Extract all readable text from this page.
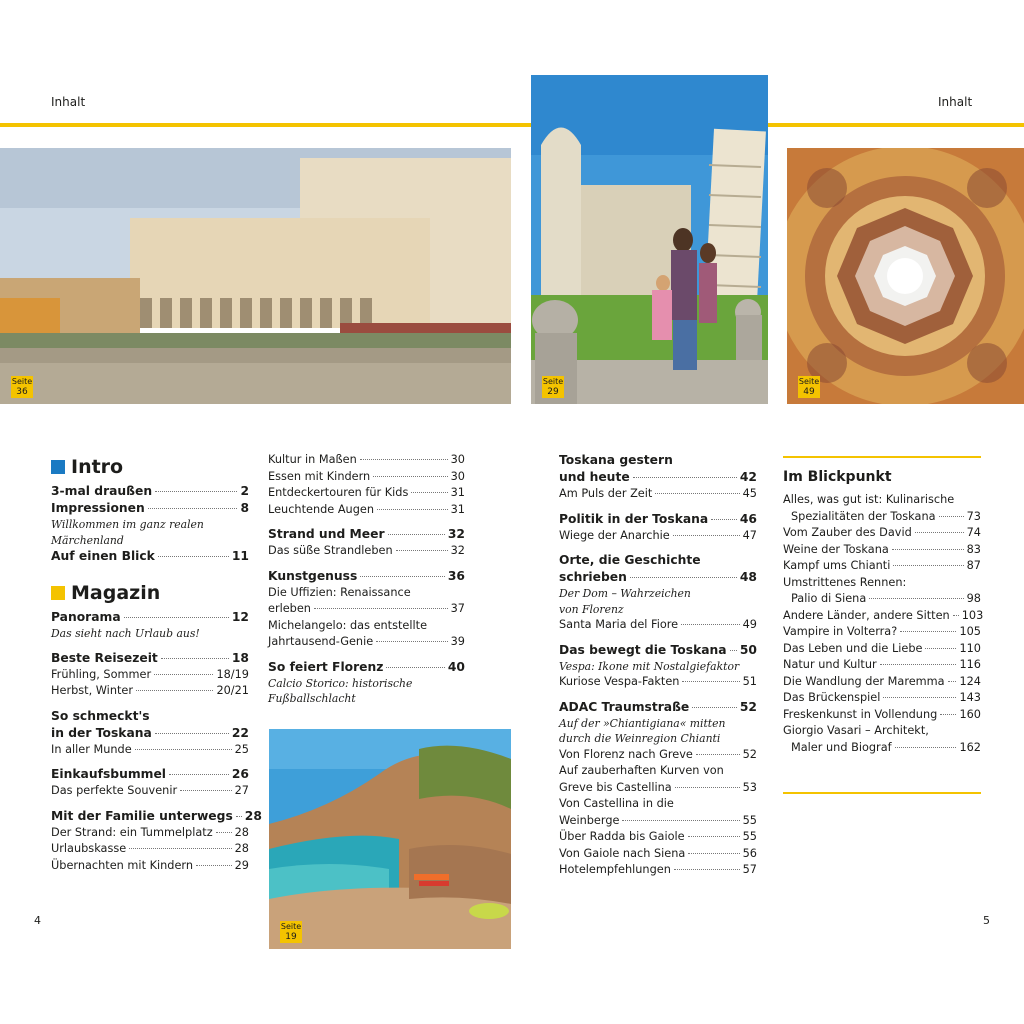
Inhalt	Inhalt
Seite
36
Seite
29
Seite
49
Seite
19
Intro
3-mal draußen	2
Impressionen	8
Willkommen im ganz realen
Märchenland
Auf einen Blick	11
Magazin
Panorama	12
Das sieht nach Urlaub aus!
Beste Reisezeit	18
Frühling, Sommer	18/19
Herbst, Winter	20/21
So schmeckt's
in der Toskana	22
In aller Munde	25
Einkaufsbummel	26
Das perfekte Souvenir	27
Mit der Familie unterwegs 28
Der Strand: ein Tummelplatz 28
Urlaubskasse	28
Übernachten mit Kindern	29
Kultur in Maßen	30
Essen mit Kindern	30
Entdeckertouren für Kids	31
Leuchtende Augen	31
Strand und Meer	32
Das süße Strandleben	32
Kunstgenuss	36
Die Uffizien: Renaissance
erleben	37
Michelangelo: das entstellte
Jahrtausend-Genie	39
So feiert Florenz	40
Calcio Storico: historische
Fußballschlacht
Toskana gestern
und heute	42
Am Puls der Zeit	45
Politik in der Toskana	46
Wiege der Anarchie	47
Orte, die Geschichte
schrieben	48
Der Dom – Wahrzeichen
von Florenz
Santa Maria del Fiore	49
Das bewegt die Toskana 50
Vespa: Ikone mit Nostalgiefaktor
Kuriose Vespa-Fakten	51
ADAC Traumstraße	52
Auf der »Chiantigiana« mitten
durch die Weinregion Chianti
Von Florenz nach Greve	52
Auf zauberhaften Kurven von
Greve bis Castellina	53
Von Castellina in die
Weinberge	55
Über Radda bis Gaiole	55
Von Gaiole nach Siena	56
Hotelempfehlungen	57
Im Blickpunkt
Alles, was gut ist: Kulinarische
Spezialitäten der Toskana	73
Vom Zauber des David	74
Weine der Toskana	83
Kampf ums Chianti	87
Umstrittenes Rennen:
Palio di Siena	98
Andere Länder, andere Sitten 103
Vampire in Volterra?	105
Das Leben und die Liebe	110
Natur und Kultur	116
Die Wandlung der Maremma 124
Das Brückenspiel	143
Freskenkunst in Vollendung 160
Giorgio Vasari – Architekt,
Maler und Biograf	162
4	5
